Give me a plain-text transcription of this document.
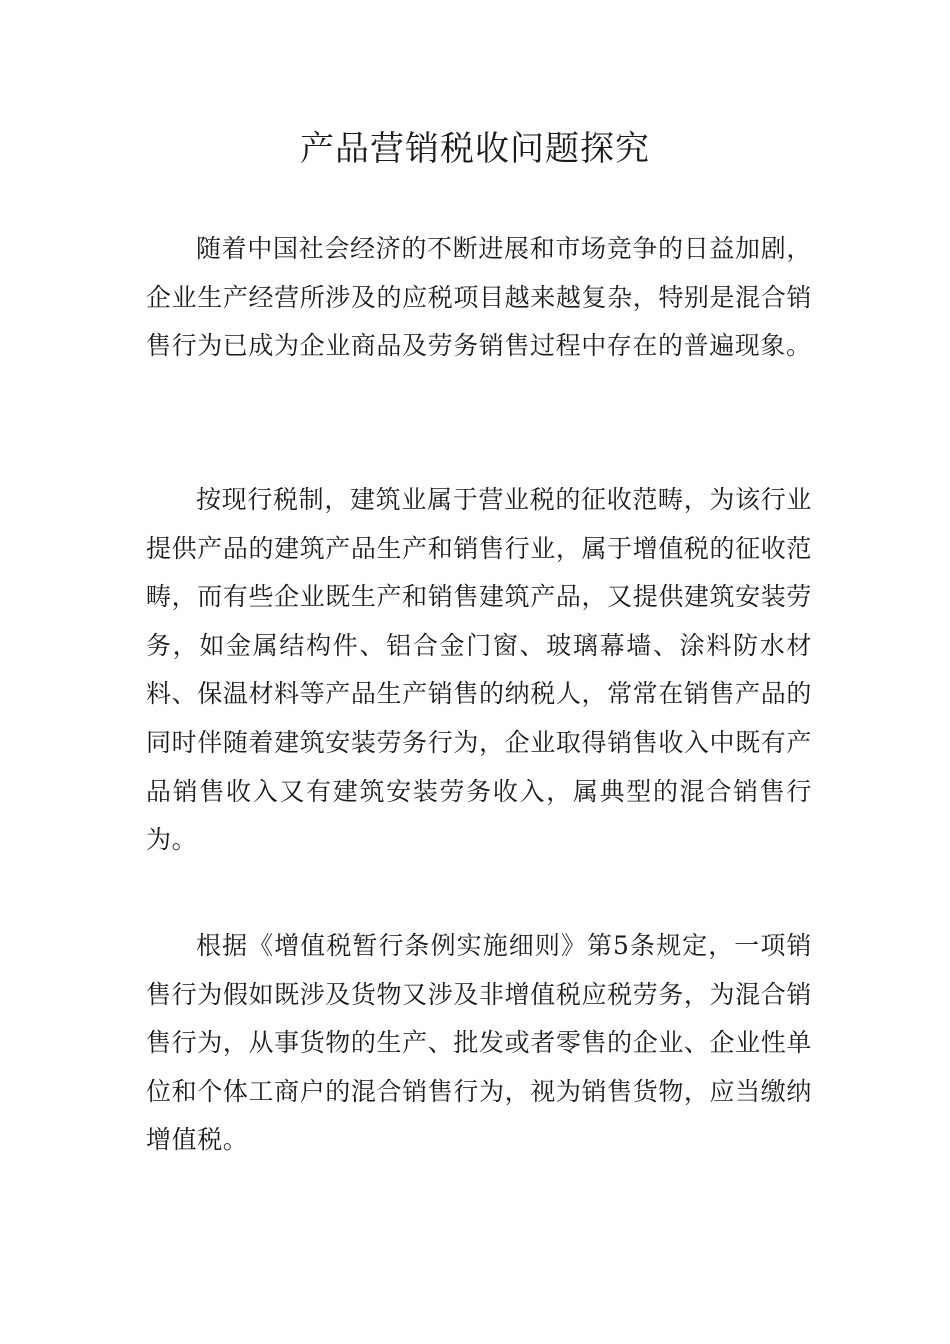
产品营销税收问题探究

随着中国社会经济的不断进展和市场竞争的日益加剧，企业生产经营所涉及的应税项目越来越复杂，特别是混合销售行为已成为企业商品及劳务销售过程中存在的普遍现象。

按现行税制，建筑业属于营业税的征收范畴，为该行业提供产品的建筑产品生产和销售行业，属于增值税的征收范畴，而有些企业既生产和销售建筑产品，又提供建筑安装劳务，如金属结构件、铝合金门窗、玻璃幕墙、涂料防水材料、保温材料等产品生产销售的纳税人，常常在销售产品的同时伴随着建筑安装劳务行为，企业取得销售收入中既有产品销售收入又有建筑安装劳务收入，属典型的混合销售行为。

根据《增值税暂行条例实施细则》第5条规定，一项销售行为假如既涉及货物又涉及非增值税应税劳务，为混合销售行为，从事货物的生产、批发或者零售的企业、企业性单位和个体工商户的混合销售行为，视为销售货物，应当缴纳增值税。
